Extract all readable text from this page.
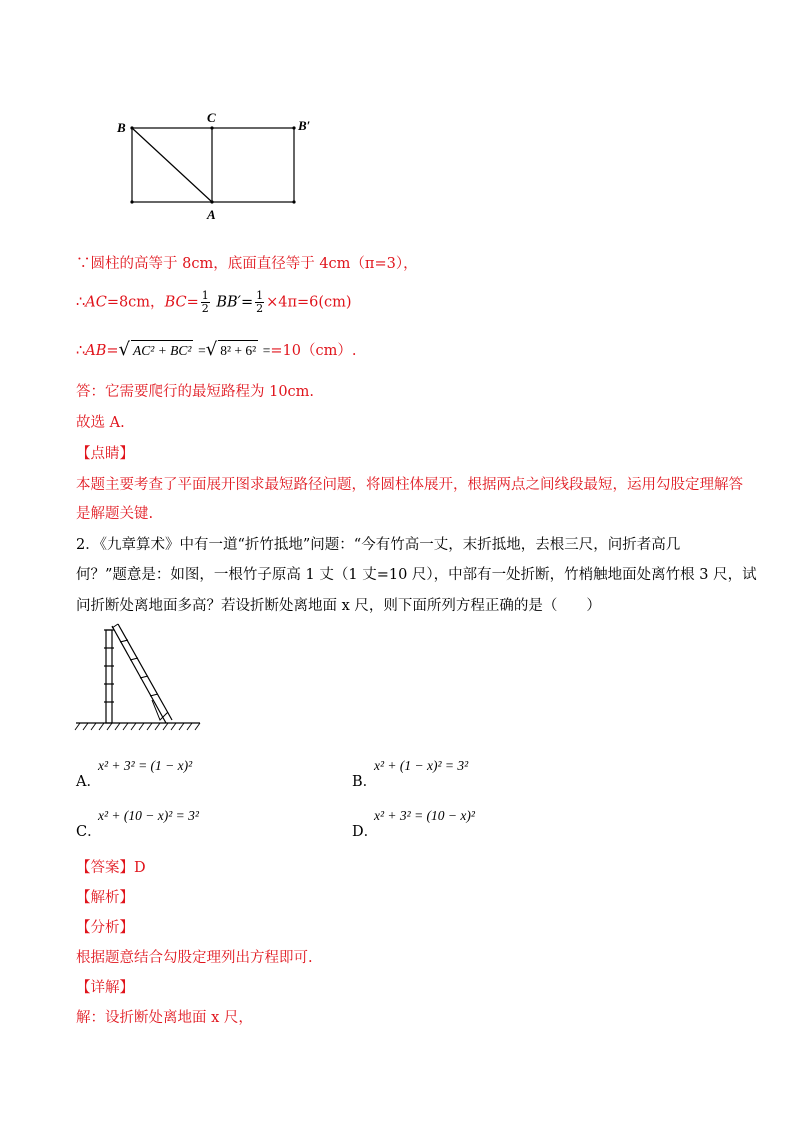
B
C
B′
A
∵圆柱的高等于 8cm，底面直径等于 4cm（π=3），
∴AC=8cm，$BC= \frac{1}{2} BB'= \frac{1}{2} \times 4\pi=6(cm)$
∴AB=√ AC² + BC² =√ 8² + 6² ==10（cm）.
答：它需要爬行的最短路程为 10cm.
故选 A.
【点睛】
本题主要考查了平面展开图求最短路径问题，将圆柱体展开，根据两点之间线段最短，运用勾股定理解答
是解题关键.
2．《九章算术》中有一道“折竹抵地”问题：“今有竹高一丈，末折抵地，去根三尺，问折者高几
何？”题意是：如图，一根竹子原高 1 丈（1 丈=10 尺），中部有一处折断，竹梢触地面处离竹根 3 尺，试
问折断处离地面多高？若设折断处离地面 x 尺，则下面所列方程正确的是（　　）
A．
x² + 3² = (1 − x)²
B．
x² + (1 − x)² = 3²
C．
x² + (10 − x)² = 3²
D．
x² + 3² = (10 − x)²
【答案】D
【解析】
【分析】
根据题意结合勾股定理列出方程即可.
【详解】
解：设折断处离地面 x 尺，
